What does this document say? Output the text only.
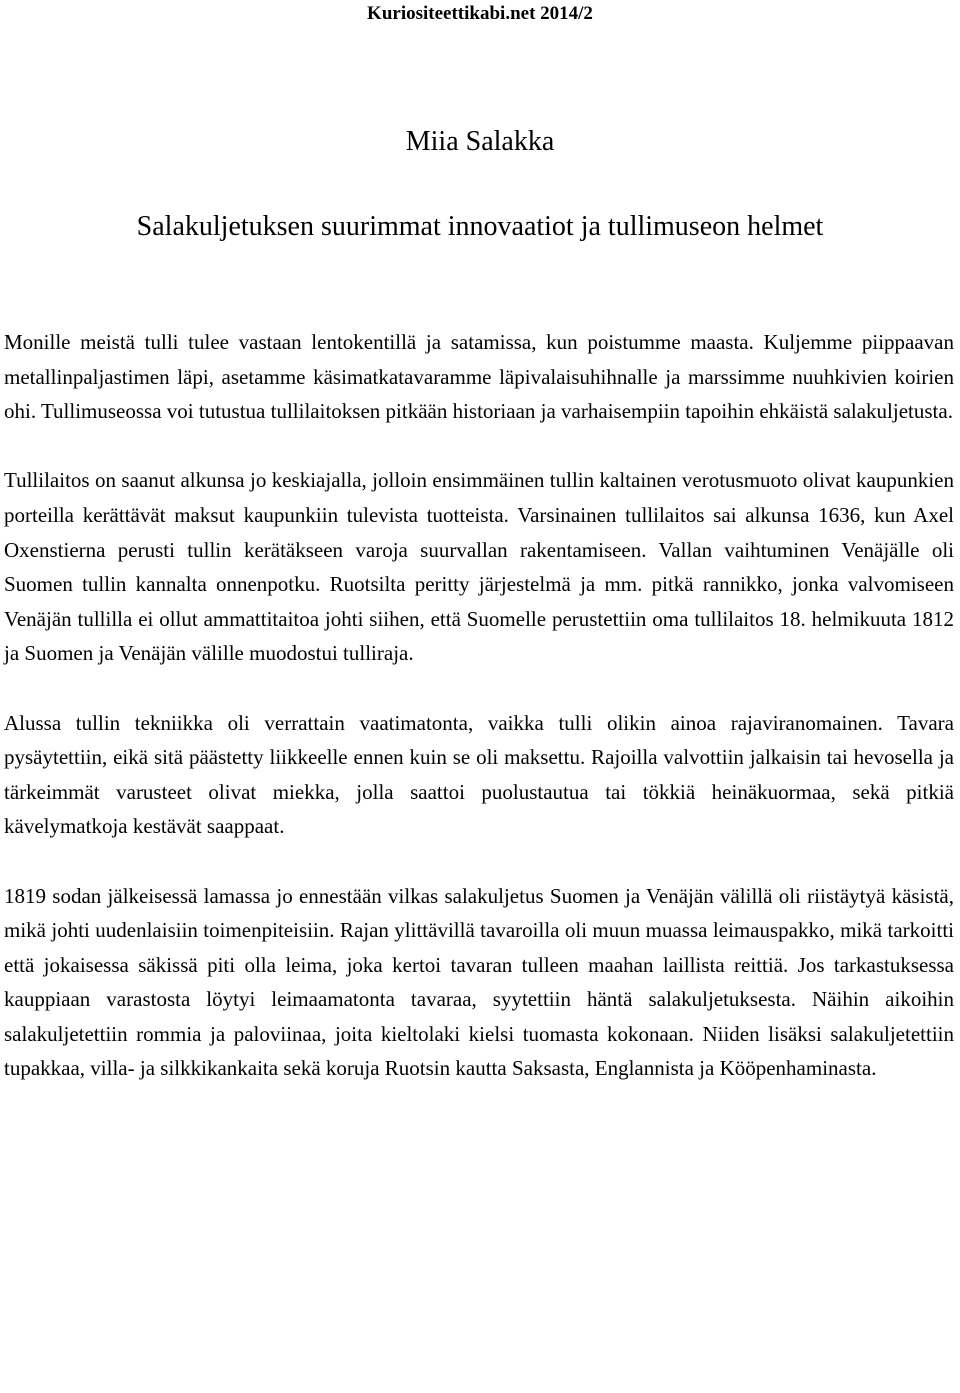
Kuriositeettikabi.net 2014/2
Miia Salakka
Salakuljetuksen suurimmat innovaatiot ja tullimuseon helmet

Monille meistä tulli tulee vastaan lentokentillä ja satamissa, kun poistumme maasta. Kuljemme piippaavan metallinpaljastimen läpi, asetamme käsimatkatavaramme läpivalaisuhihnalle ja marssimme nuuhkivien koirien ohi. Tullimuseossa voi tutustua tullilaitoksen pitkään historiaan ja varhaisempiin tapoihin ehkäistä salakuljetusta.

Tullilaitos on saanut alkunsa jo keskiajalla, jolloin ensimmäinen tullin kaltainen verotusmuoto olivat kaupunkien porteilla kerättävät maksut kaupunkiin tulevista tuotteista. Varsinainen tullilaitos sai alkunsa 1636, kun Axel Oxenstierna perusti tullin kerätäkseen varoja suurvallan rakentamiseen. Vallan vaihtuminen Venäjälle oli Suomen tullin kannalta onnenpotku. Ruotsilta peritty järjestelmä ja mm. pitkä rannikko, jonka valvomiseen Venäjän tullilla ei ollut ammattitaitoa johti siihen, että Suomelle perustettiin oma tullilaitos 18. helmikuuta 1812 ja Suomen ja Venäjän välille muodostui tulliraja.

Alussa tullin tekniikka oli verrattain vaatimatonta, vaikka tulli olikin ainoa rajaviranomainen. Tavara pysäytettiin, eikä sitä päästetty liikkeelle ennen kuin se oli maksettu. Rajoilla valvottiin jalkaisin tai hevosella ja tärkeimmät varusteet olivat miekka, jolla saattoi puolustautua tai tökkiä heinäkuormaa, sekä pitkiä kävelymatkoja kestävät saappaat.

1819 sodan jälkeisessä lamassa jo ennestään vilkas salakuljetus Suomen ja Venäjän välillä oli riistäytyä käsistä, mikä johti uudenlaisiin toimenpiteisiin. Rajan ylittävillä tavaroilla oli muun muassa leimauspakko, mikä tarkoitti että jokaisessa säkissä piti olla leima, joka kertoi tavaran tulleen maahan laillista reittiä. Jos tarkastuksessa kauppiaan varastosta löytyi leimaamatonta tavaraa, syytettiin häntä salakuljetuksesta. Näihin aikoihin salakuljetettiin rommia ja paloviinaa, joita kieltolaki kielsi tuomasta kokonaan. Niiden lisäksi salakuljetettiin tupakkaa, villa- ja silkkikankaita sekä koruja Ruotsin kautta Saksasta, Englannista ja Kööpenhaminasta.
